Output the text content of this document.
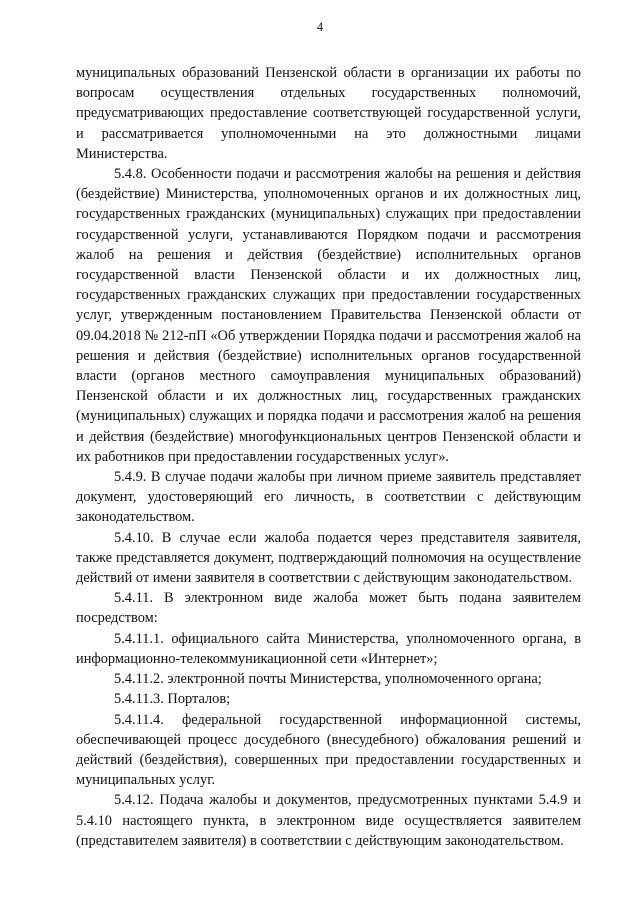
4

муниципальных образований Пензенской области в организации их работы по вопросам осуществления отдельных государственных полномочий, предусматривающих предоставление соответствующей государственной услуги, и рассматривается уполномоченными на это должностными лицами Министерства.

5.4.8. Особенности подачи и рассмотрения жалобы на решения и действия (бездействие) Министерства, уполномоченных органов и их должностных лиц, государственных гражданских (муниципальных) служащих при предоставлении государственной услуги, устанавливаются Порядком подачи и рассмотрения жалоб на решения и действия (бездействие) исполнительных органов государственной власти Пензенской области и их должностных лиц, государственных гражданских служащих при предоставлении государственных услуг, утвержденным постановлением Правительства Пензенской области от 09.04.2018 № 212-пП «Об утверждении Порядка подачи и рассмотрения жалоб на решения и действия (бездействие) исполнительных органов государственной власти (органов местного самоуправления муниципальных образований) Пензенской области и их должностных лиц, государственных гражданских (муниципальных) служащих и порядка подачи и рассмотрения жалоб на решения и действия (бездействие) многофункциональных центров Пензенской области и их работников при предоставлении государственных услуг».

5.4.9. В случае подачи жалобы при личном приеме заявитель представляет документ, удостоверяющий его личность, в соответствии с действующим законодательством.

5.4.10. В случае если жалоба подается через представителя заявителя, также представляется документ, подтверждающий полномочия на осуществление действий от имени заявителя в соответствии с действующим законодательством.

5.4.11. В электронном виде жалоба может быть подана заявителем посредством:

5.4.11.1. официального сайта Министерства, уполномоченного органа, в информационно-телекоммуникационной сети «Интернет»;

5.4.11.2. электронной почты Министерства, уполномоченного органа;

5.4.11.3. Порталов;

5.4.11.4. федеральной государственной информационной системы, обеспечивающей процесс досудебного (внесудебного) обжалования решений и действий (бездействия), совершенных при предоставлении государственных и муниципальных услуг.

5.4.12. Подача жалобы и документов, предусмотренных пунктами 5.4.9 и 5.4.10 настоящего пункта, в электронном виде осуществляется заявителем (представителем заявителя) в соответствии с действующим законодательством.
